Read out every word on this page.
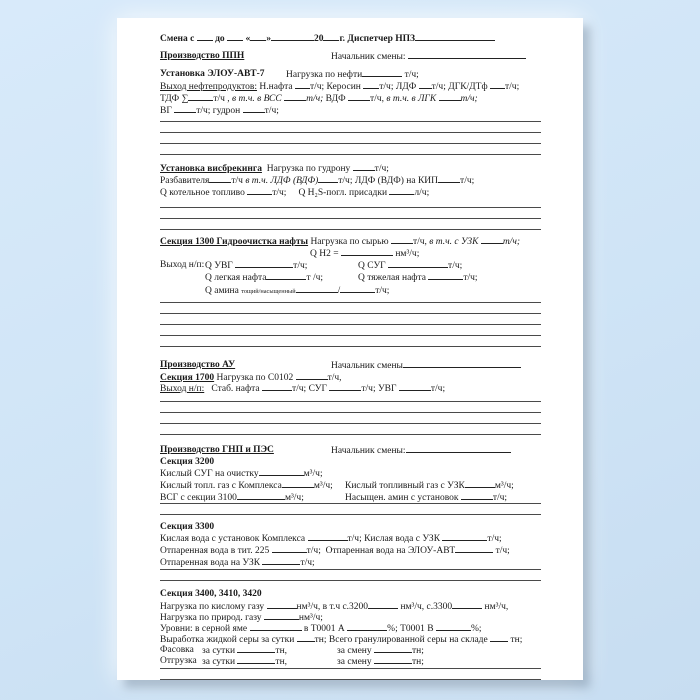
Смена с  до  « »	20 г. Диспетчер НПЗ
Производство ППН	Начальник смены:
Установка ЭЛОУ-АВТ-7 Нагрузка по нефти	т/ч;
Выход нефтепродуктов: Н.нафта т/ч; Керосин т/ч; ЛДФ т/ч; ДГК/ДТф т/ч;
ТДФ ∑	т/ч , в т.ч. в ВСС т/ч; ВДФ т/ч, в т.ч. в ЛГК т/ч;
ВГ т/ч; гудрон т/ч;
Установка висбрекинга  Нагрузка по гудрону т/ч;
Разбавителя т/ч в т.ч. ЛДФ (ВДФ) т/ч; ЛДФ (ВДФ) на КИП т/ч;
Q котельное топливо	т/ч; Q H₂S-погл. присадки	л/ч;
Секция 1300 Гидроочистка нафты Нагрузка по сырью т/ч, в т.ч. с УЗК т/ч;
Q Н2 =	нм³/ч;
Выход н/п: Q УВГ	т/ч;	Q СУГ	т/ч;
Q легкая нафта	т /ч;	Q тяжелая нафта	т/ч;
Q амина тощий/насыщенный	/	т/ч;
Производство АУ	Начальник смены
Секция 1700 Нагрузка по С0102	т/ч,
Выход н/п:   Стаб. нафта	т/ч; СУГ	т/ч; УВГ	т/ч;
Производство ГНП и ПЭС	Начальник смены:
Секция 3200
Кислый СУГ на очистку	м³/ч;
Кислый топл. газ с Комплекса	м³/ч; Кислый топливный газ с УЗК	м³/ч;
ВСГ с секции 3100	м³/ч;	Насыщен. амин с установок	т/ч;
Секция 3300
Кислая вода с установок Комплекса	т/ч; Кислая вода с УЗК	т/ч;
Отпаренная вода в тит. 225	т/ч;  Отпаренная вода на ЭЛОУ-АВТ	т/ч;
Отпаренная вода на УЗК	т/ч;
Секция 3400, 3410, 3420
Нагрузка по кислому газу	нм³/ч, в т.ч с.3200	нм³/ч, с.3300	нм³/ч,
Нагрузка по природ. газу	нм³/ч;
Уровни: в серной яме	в Т0001 А	%; Т0001 В	%;
Выработка жидкой серы за сутки тн; Всего гранулированной серы на складе  тн;
Фасовка за сутки	тн,	за смену	тн;
Отгрузка за сутки	тн,	за смену	тн;
